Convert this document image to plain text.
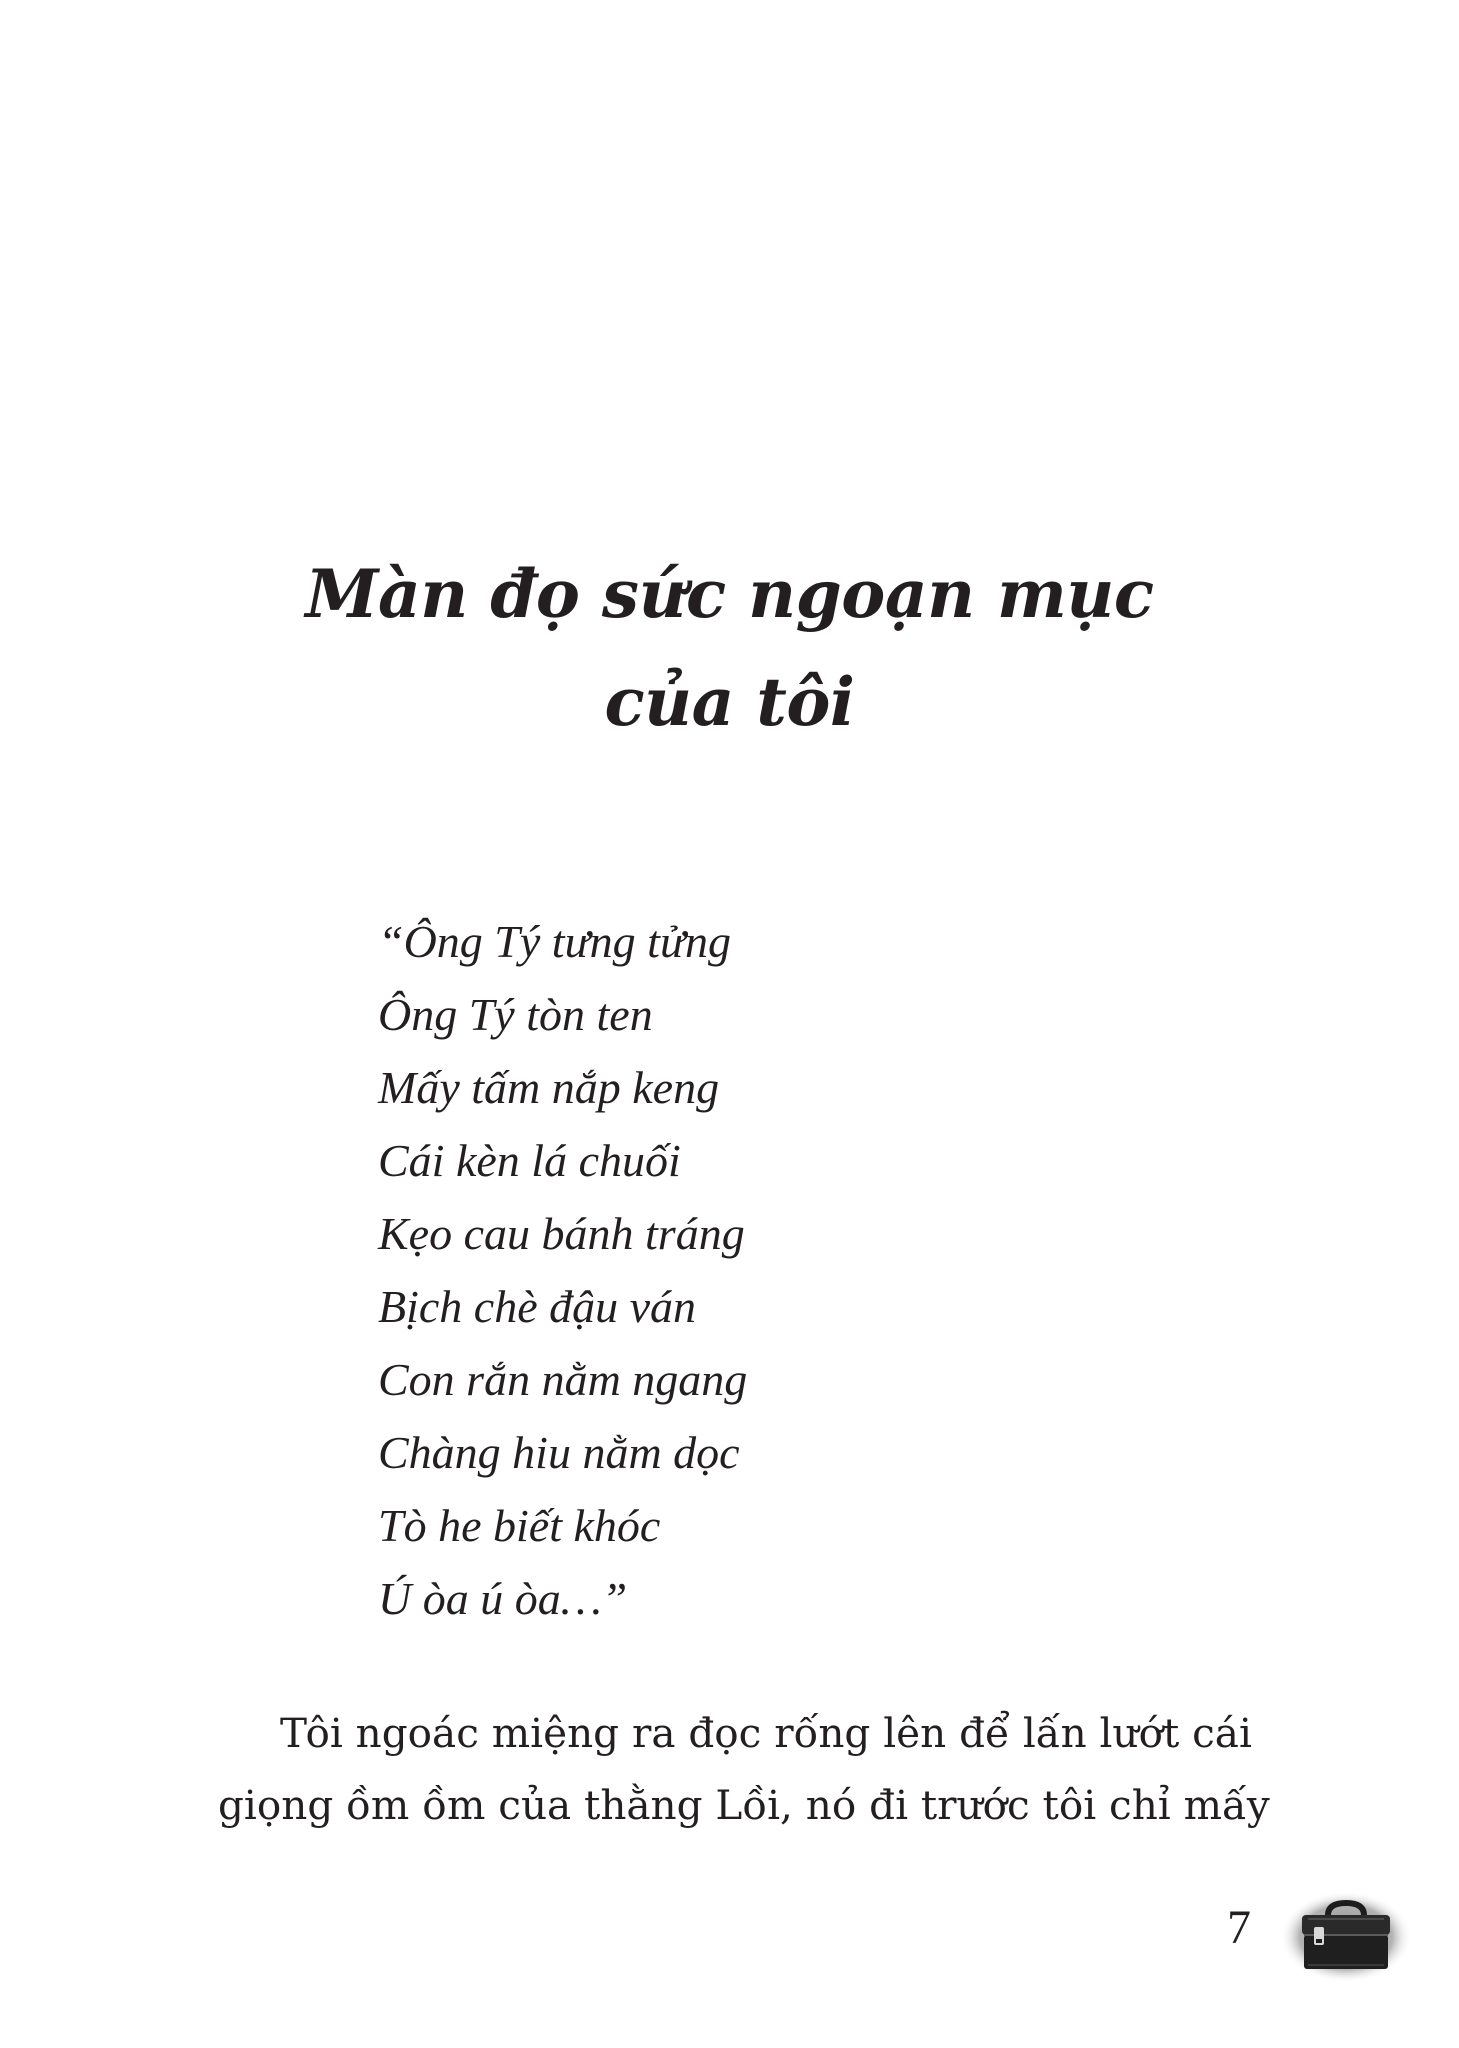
Màn đọ sức ngoạn mục
của tôi
“Ông Tý tưng tửng
Ông Tý tòn ten
Mấy tấm nắp keng
Cái kèn lá chuối
Kẹo cau bánh tráng
Bịch chè đậu ván
Con rắn nằm ngang
Chàng hiu nằm dọc
Tò he biết khóc
Ú òa ú òa…”
Tôi ngoác miệng ra đọc rống lên để lấn lướt cái
giọng ồm ồm của thằng Lồi, nó đi trước tôi chỉ mấy
7
